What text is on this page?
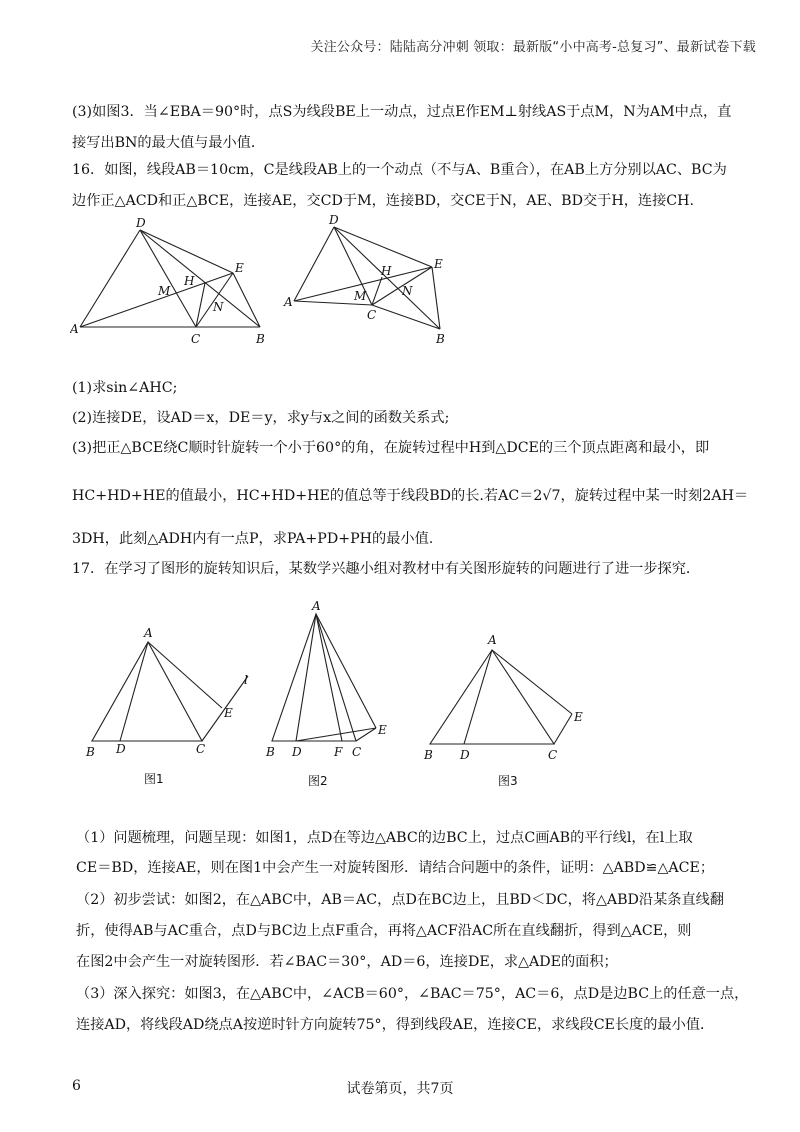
关注公众号：陆陆高分冲刺 领取：最新版“小中高考-总复习”、最新试卷下载
(3)如图3．当∠EBA＝90°时，点S为线段BE上一动点，过点E作EM⊥射线AS于点M，N为AM中点，直
接写出BN的最大值与最小值．
16．如图，线段AB＝10cm，C是线段AB上的一个动点（不与A、B重合），在AB上方分别以AC、BC为
边作正△ACD和正△BCE，连接AE，交CD于M，连接BD，交CE于N，AE、BD交于H，连接CH.
A
B
C
D
E
H
M
N	A
B
C
D
E
H
M	N
(1)求sin∠AHC;
(2)连接DE，设AD＝x，DE＝y，求y与x之间的函数关系式;
(3)把正△BCE绕C顺时针旋转一个小于60°的角，在旋转过程中H到△DCE的三个顶点距离和最小，即
HC+HD+HE的值最小，HC+HD+HE的值总等于线段BD的长.若AC＝2√7，旋转过程中某一时刻2AH＝
3DH，此刻△ADH内有一点P，求PA+PD+PH的最小值.
17．在学习了图形的旋转知识后，某数学兴趣小组对教材中有关图形旋转的问题进行了进一步探究．
A
B D	C
E
l
图1
A
B D	F C
E
图2
A
B D	C
E
图3
（1）问题梳理，问题呈现：如图1，点D在等边△ABC的边BC上，过点C画AB的平行线l，在l上取
CE＝BD，连接AE，则在图1中会产生一对旋转图形．请结合问题中的条件，证明：△ABD≌△ACE；
（2）初步尝试：如图2，在△ABC中，AB＝AC，点D在BC边上，且BD＜DC，将△ABD沿某条直线翻
折，使得AB与AC重合，点D与BC边上点F重合，再将△ACF沿AC所在直线翻折，得到△ACE，则
在图2中会产生一对旋转图形．若∠BAC＝30°，AD＝6，连接DE，求△ADE的面积；
（3）深入探究：如图3，在△ABC中，∠ACB＝60°，∠BAC＝75°，AC＝6，点D是边BC上的任意一点，
连接AD，将线段AD绕点A按逆时针方向旋转75°，得到线段AE，连接CE，求线段CE长度的最小值．
6	试卷第页，共7页
